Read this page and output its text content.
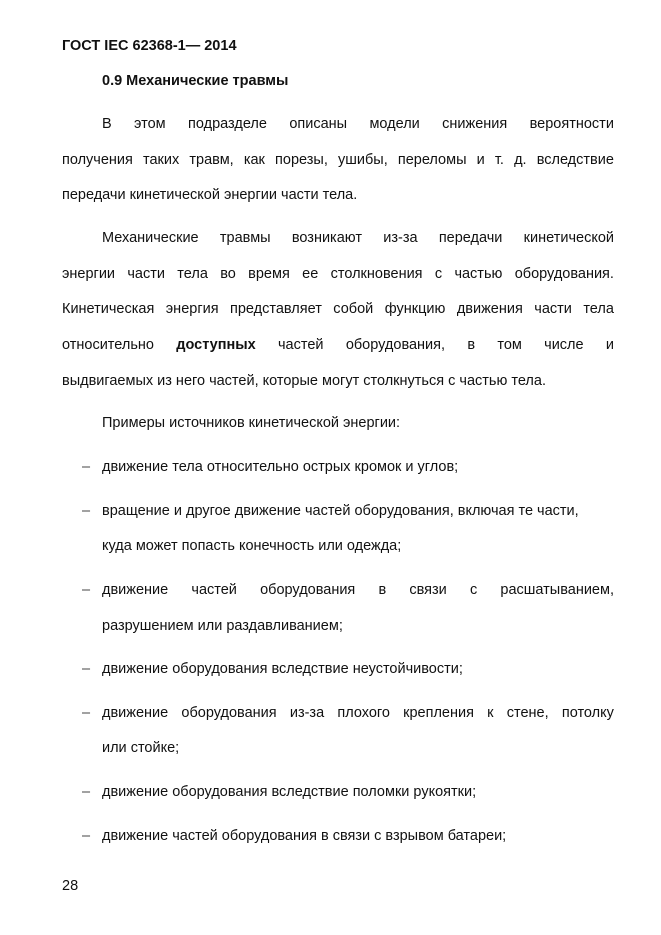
ГОСТ IEC 62368-1— 2014
0.9 Механические травмы
В этом подразделе описаны модели снижения вероятности
получения таких травм, как порезы, ушибы, переломы и т. д. вследствие
передачи кинетической энергии части тела.
Механические травмы возникают из-за передачи кинетической
энергии части тела во время ее столкновения с частью оборудования.
Кинетическая энергия представляет собой функцию движения части тела
относительно доступных частей оборудования, в том числе и
выдвигаемых из него частей, которые могут столкнуться с частью тела.
Примеры источников кинетической энергии:
– движение тела относительно острых кромок и углов;
– вращение и другое движение частей оборудования, включая те части,
куда может попасть конечность или одежда;
– движение частей оборудования в связи с расшатыванием,
разрушением или раздавливанием;
– движение оборудования вследствие неустойчивости;
– движение оборудования из-за плохого крепления к стене, потолку
или стойке;
– движение оборудования вследствие поломки рукоятки;
– движение частей оборудования в связи с взрывом батареи;
28
